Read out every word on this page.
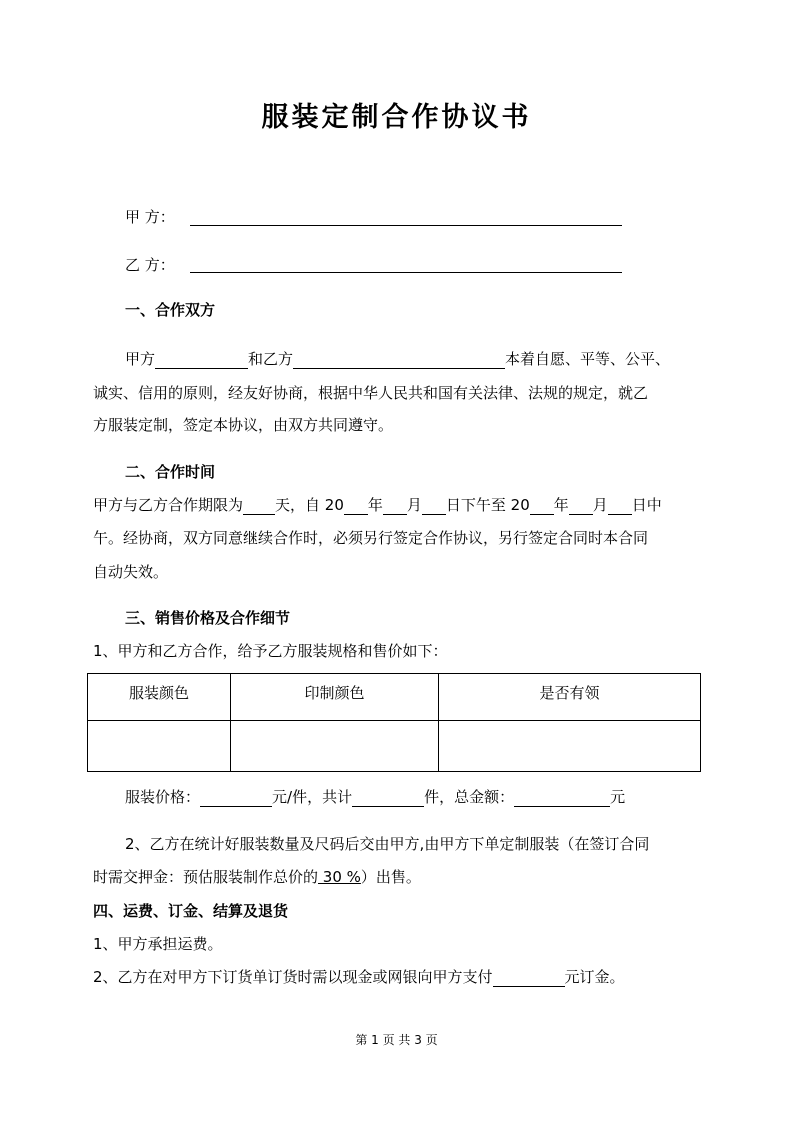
服装定制合作协议书
甲 方：
乙 方：
一、合作双方
甲方	和乙方	本着自愿、平等、公平、
诚实、信用的原则，经友好协商，根据中华人民共和国有关法律、法规的规定，就乙
方服装定制，签定本协议，由双方共同遵守。
二、合作时间
甲方与乙方合作期限为 天，自 20 年 月 日下午至 20 年 月 日中
午。经协商，双方同意继续合作时，必须另行签定合作协议，另行签定合同时本合同
自动失效。
三、销售价格及合作细节
1、甲方和乙方合作，给予乙方服装规格和售价如下：
服装颜色	印制颜色	是否有领

服装价格：	元/件，共计	件，总金额：	元
2、乙方在统计好服装数量及尺码后交由甲方,由甲方下单定制服装（在签订合同
时需交押金：预估服装制作总价的 30 %）出售。
四、运费、订金、结算及退货
1、甲方承担运费。
2、乙方在对甲方下订货单订货时需以现金或网银向甲方支付	元订金。
第 1 页 共 3 页
